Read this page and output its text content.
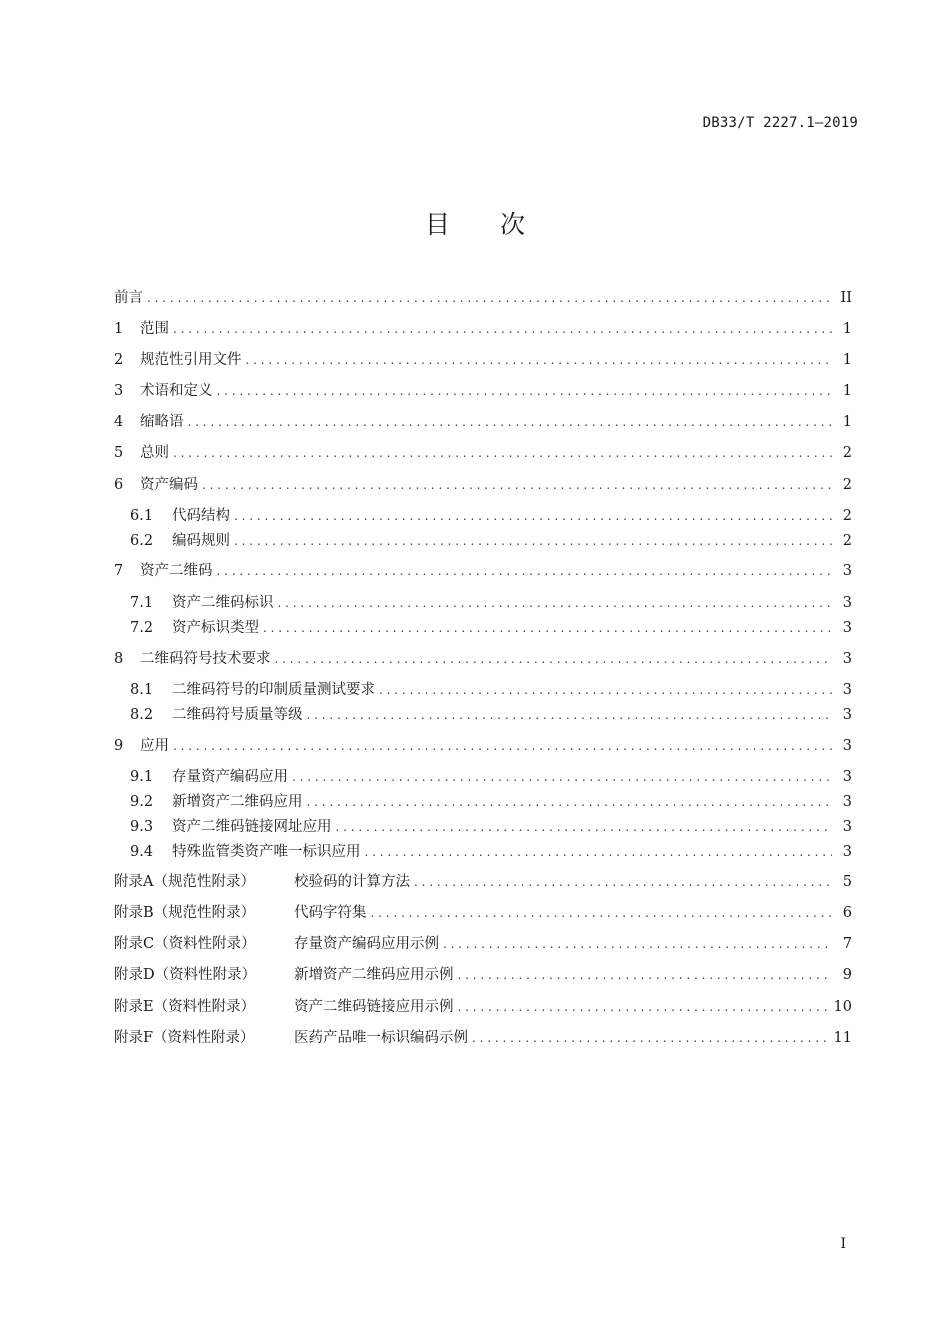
DB33/T 2227.1—2019
目　　次
前言 . . .	II
1	范围 . . .	1
2	规范性引用文件 . . .	1
3	术语和定义 . . .	1
4	缩略语 . . .	1
5	总则 . . .	2
6	资产编码 . . .	2
6.1	代码结构 . . .	2
6.2	编码规则 . . .	2
7	资产二维码 . . .	3
7.1	资产二维码标识 . . .	3
7.2	资产标识类型 . . .	3
8	二维码符号技术要求 . . .	3
8.1	二维码符号的印制质量测试要求 . . .	3
8.2	二维码符号质量等级 . . .	3
9	应用 . . .	3
9.1	存量资产编码应用 . . .	3
9.2	新增资产二维码应用 . . .	3
9.3	资产二维码链接网址应用 . . .	3
9.4	特殊监管类资产唯一标识应用 . . .	3
附录A（规范性附录）	校验码的计算方法 . . .	5
附录B（规范性附录）	代码字符集 . . .	6
附录C（资料性附录）	存量资产编码应用示例 . . .	7
附录D（资料性附录）	新增资产二维码应用示例 . . .	9
附录E（资料性附录）	资产二维码链接应用示例 . . .	10
附录F（资料性附录）	医药产品唯一标识编码示例 . . .	11
I
